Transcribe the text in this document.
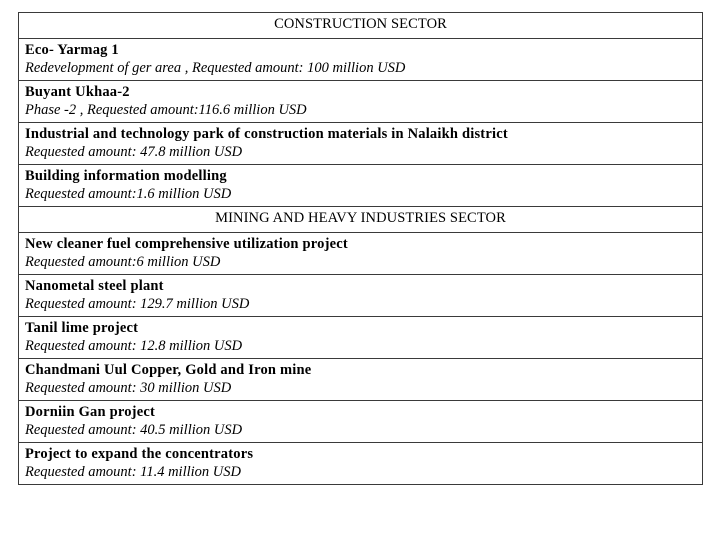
CONSTRUCTION SECTOR

Eco- Yarmag 1
Redevelopment of ger area , Requested amount: 100 million USD

Buyant Ukhaa-2
Phase -2 , Requested amount:116.6 million USD

Industrial and technology park of construction materials in Nalaikh district
Requested amount: 47.8 million USD

Building information modelling
Requested amount:1.6 million USD

MINING AND HEAVY INDUSTRIES SECTOR

New cleaner fuel comprehensive utilization project
Requested amount:6 million USD

Nanometal steel plant
Requested amount: 129.7 million USD

Tanil lime project
Requested amount: 12.8 million USD

Chandmani Uul Copper, Gold and Iron mine
Requested amount: 30 million USD

Dorniin Gan project
Requested amount: 40.5 million USD

Project to expand the concentrators
Requested amount: 11.4 million USD
